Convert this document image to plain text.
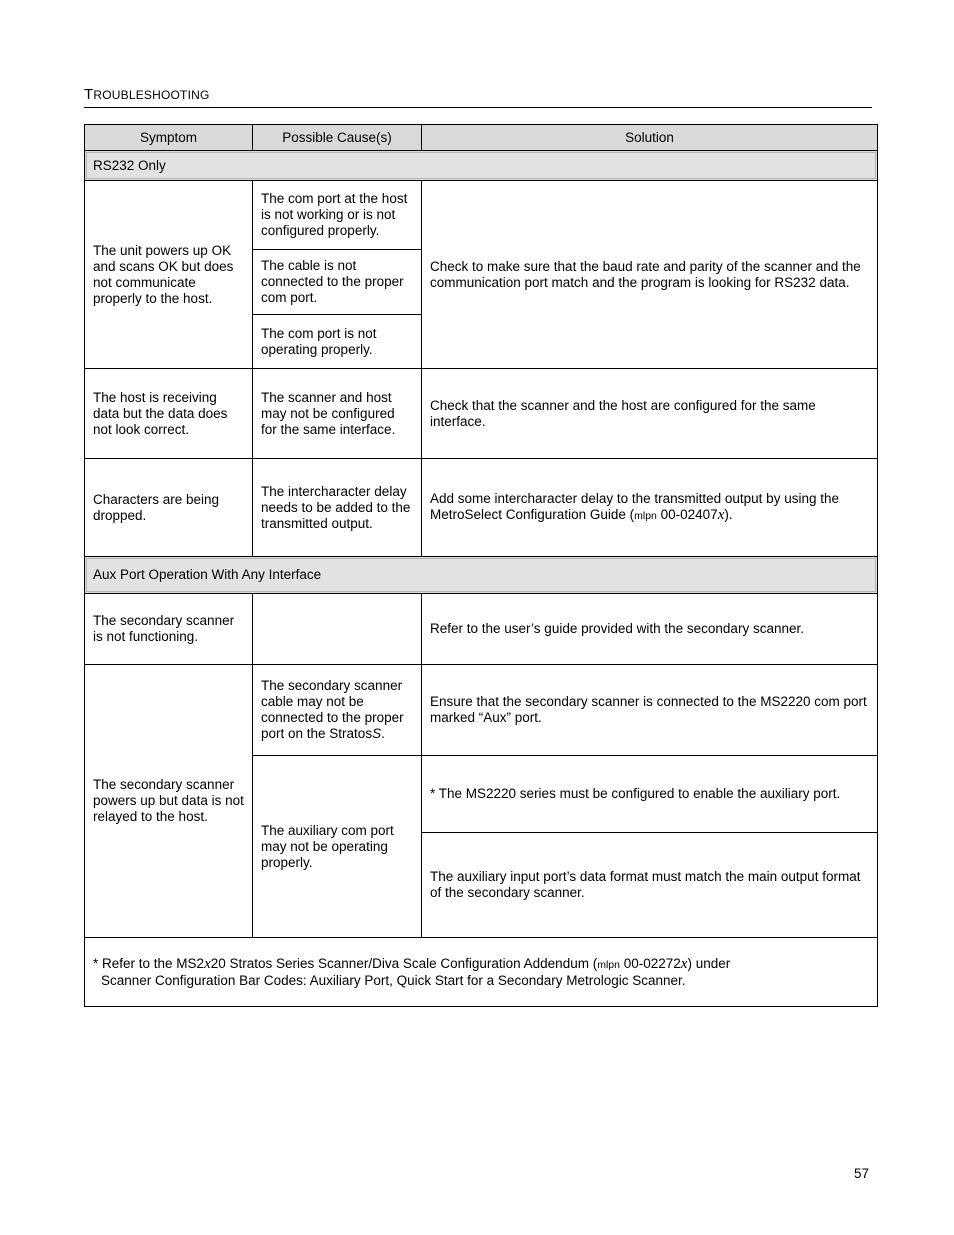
TROUBLESHOOTING
Symptom	Possible Cause(s)	Solution

RS232 Only		

The unit powers up OK and scans OK but does not communicate properly to the host.	The com port at the host is not working or is not configured properly.	Check to make sure that the baud rate and parity of the scanner and the communication port match and the program is looking for RS232 data.
	The cable is not connected to the proper com port.	
	The com port is not operating properly.	
The host is receiving data but the data does not look correct.	The scanner and host may not be configured for the same interface.	Check that the scanner and the host are configured for the same interface.
Characters are being dropped.	The intercharacter delay needs to be added to the transmitted output.	Add some intercharacter delay to the transmitted output by using the MetroSelect Configuration Guide (mlpn 00-02407x).

Aux Port Operation With Any Interface		

The secondary scanner is not functioning.		Refer to the user’s guide provided with the secondary scanner.
The secondary scanner powers up but data is not relayed to the host.	The secondary scanner cable may not be connected to the proper port on the StratosS.	Ensure that the secondary scanner is connected to the MS2220 com port marked “Aux” port.
	The auxiliary com port may not be operating properly.	* The MS2220 series must be configured to enable the auxiliary port.
		The auxiliary input port’s data format must match the main output format of the secondary scanner.

* Refer to the MS2x20 Stratos Series Scanner/Diva Scale Configuration Addendum (mlpn 00-02272x) under
Scanner Configuration Bar Codes: Auxiliary Port, Quick Start for a Secondary Metrologic Scanner.		
57
